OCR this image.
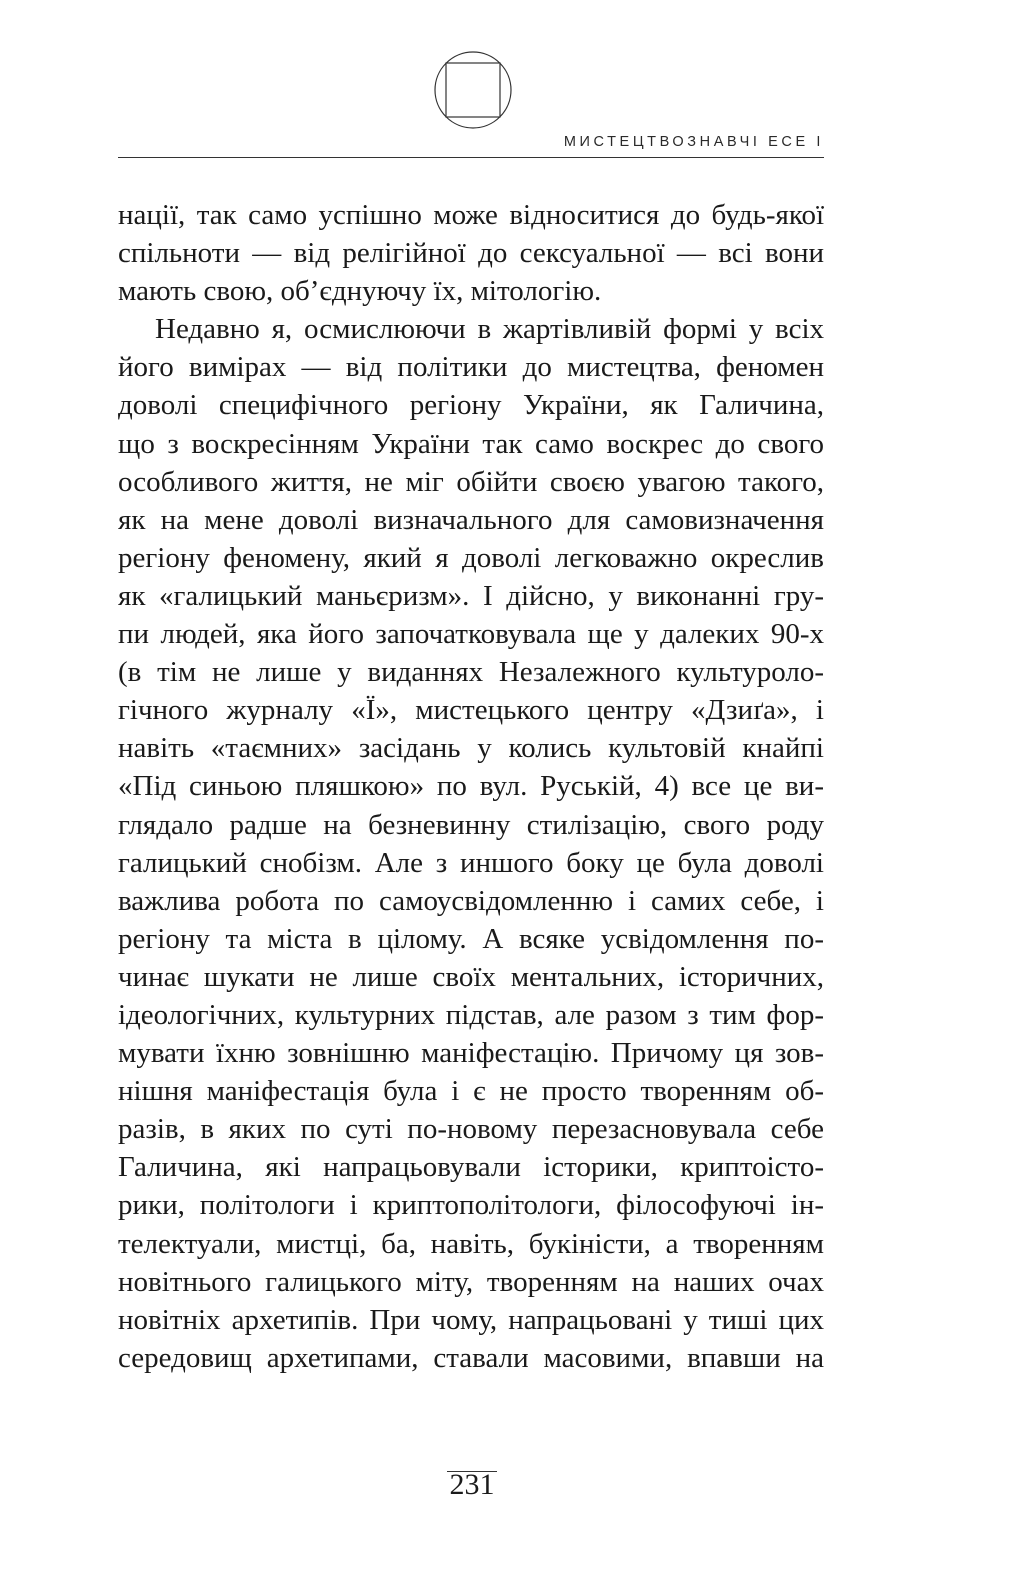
МИСТЕЦТВОЗНАВЧІ ЕСЕ І
нації, так само успішно може відноситися до будь-якої
спільноти — від релігійної до сексуальної — всі вони
мають свою, об’єднуючу їх, мітологію.
Недавно я, осмислюючи в жартівливій формі у всіх
його вимірах — від політики до мистецтва, феномен
доволі специфічного регіону України, як Галичина,
що з воскресінням України так само воскрес до свого
особливого життя, не міг обійти своєю увагою такого,
як на мене доволі визначального для самовизначення
регіону феномену, який я доволі легковажно окреслив
як «галицький маньєризм». І дійсно, у виконанні гру-
пи людей, яка його започатковувала ще у далеких 90-х
(в тім не лише у виданнях Незалежного культуроло-
гічного журналу «Ї», мистецького центру «Дзиґа», і
навіть «таємних» засідань у колись культовій кнайпі
«Під синьою пляшкою» по вул. Руській, 4) все це ви-
глядало радше на безневинну стилізацію, свого роду
галицький снобізм. Але з иншого боку це була доволі
важлива робота по самоусвідомленню і самих себе, і
регіону та міста в цілому. А всяке усвідомлення по-
чинає шукати не лише своїх ментальних, історичних,
ідеологічних, культурних підстав, але разом з тим фор-
мувати їхню зовнішню маніфестацію. Причому ця зов-
нішня маніфестація була і є не просто творенням об-
разів, в яких по суті по-новому перезасновувала себе
Галичина, які напрацьовували історики, криптоісто-
рики, політологи і криптополітологи, філософуючі ін-
телектуали, мистці, ба, навіть, букіністи, а творенням
новітнього галицького міту, творенням на наших очах
новітніх архетипів. При чому, напрацьовані у тиші цих
середовищ архетипами, ставали масовими, впавши на
231
